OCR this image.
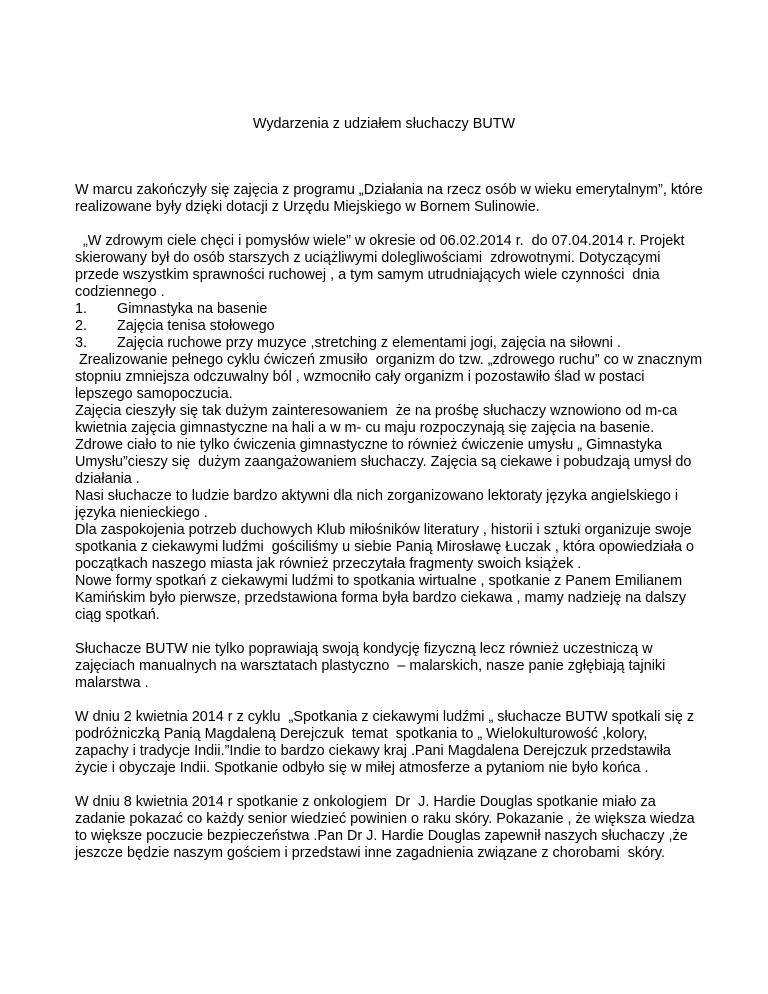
Wydarzenia z udziałem słuchaczy BUTW

W marcu zakończyły się zajęcia z programu „Działania na rzecz osób w wieku emerytalnym”, które realizowane były dzięki dotacji z Urzędu Miejskiego w Bornem Sulinowie.

„W zdrowym ciele chęci i pomysłów wiele” w okresie od 06.02.2014 r.  do 07.04.2014 r. Projekt skierowany był do osób starszych z uciążliwymi dolegliwościami  zdrowotnymi. Dotyczącymi przede wszystkim sprawności ruchowej , a tym samym utrudniających wiele czynności  dnia codziennego .

1.	Gimnastyka na basenie
2.	Zajęcia tenisa stołowego
3.	Zajęcia ruchowe przy muzyce ,stretching z elementami jogi, zajęcia na siłowni .

Zrealizowanie pełnego cyklu ćwiczeń zmusiło  organizm do tzw. „zdrowego ruchu” co w znacznym stopniu zmniejsza odczuwalny ból , wzmocniło cały organizm i pozostawiło ślad w postaci lepszego samopoczucia.

Zajęcia cieszyły się tak dużym zainteresowaniem  że na prośbę słuchaczy wznowiono od m-ca kwietnia zajęcia gimnastyczne na hali a w m- cu maju rozpoczynają się zajęcia na basenie.

Zdrowe ciało to nie tylko ćwiczenia gimnastyczne to również ćwiczenie umysłu „ Gimnastyka Umysłu”cieszy się  dużym zaangażowaniem słuchaczy. Zajęcia są ciekawe i pobudzają umysł do działania .

Nasi słuchacze to ludzie bardzo aktywni dla nich zorganizowano lektoraty języka angielskiego i języka nienieckiego .

Dla zaspokojenia potrzeb duchowych Klub miłośników literatury , historii i sztuki organizuje swoje spotkania z ciekawymi ludźmi  gościliśmy u siebie Panią Mirosławę Łuczak , która opowiedziała o początkach naszego miasta jak również przeczytała fragmenty swoich książek .

Nowe formy spotkań z ciekawymi ludźmi to spotkania wirtualne , spotkanie z Panem Emilianem Kamińskim było pierwsze, przedstawiona forma była bardzo ciekawa , mamy nadzieję na dalszy ciąg spotkań.

Słuchacze BUTW nie tylko poprawiają swoją kondycję fizyczną lecz również uczestniczą w zajęciach manualnych na warsztatach plastyczno  – malarskich, nasze panie zgłębiają tajniki malarstwa .

W dniu 2 kwietnia 2014 r z cyklu  „Spotkania z ciekawymi ludźmi „ słuchacze BUTW spotkali się z podróżniczką Panią Magdaleną Derejczuk  temat  spotkania to „ Wielokulturowość ,kolory, zapachy i tradycje Indii.”Indie to bardzo ciekawy kraj .Pani Magdalena Derejczuk przedstawiła życie i obyczaje Indii. Spotkanie odbyło się w miłej atmosferze a pytaniom nie było końca .

W dniu 8 kwietnia 2014 r spotkanie z onkologiem  Dr  J. Hardie Douglas spotkanie miało za zadanie pokazać co każdy senior wiedzieć powinien o raku skóry. Pokazanie , że większa wiedza to większe poczucie bezpieczeństwa .Pan Dr J. Hardie Douglas zapewnił naszych słuchaczy ,że jeszcze będzie naszym gościem i przedstawi inne zagadnienia związane z chorobami  skóry.
